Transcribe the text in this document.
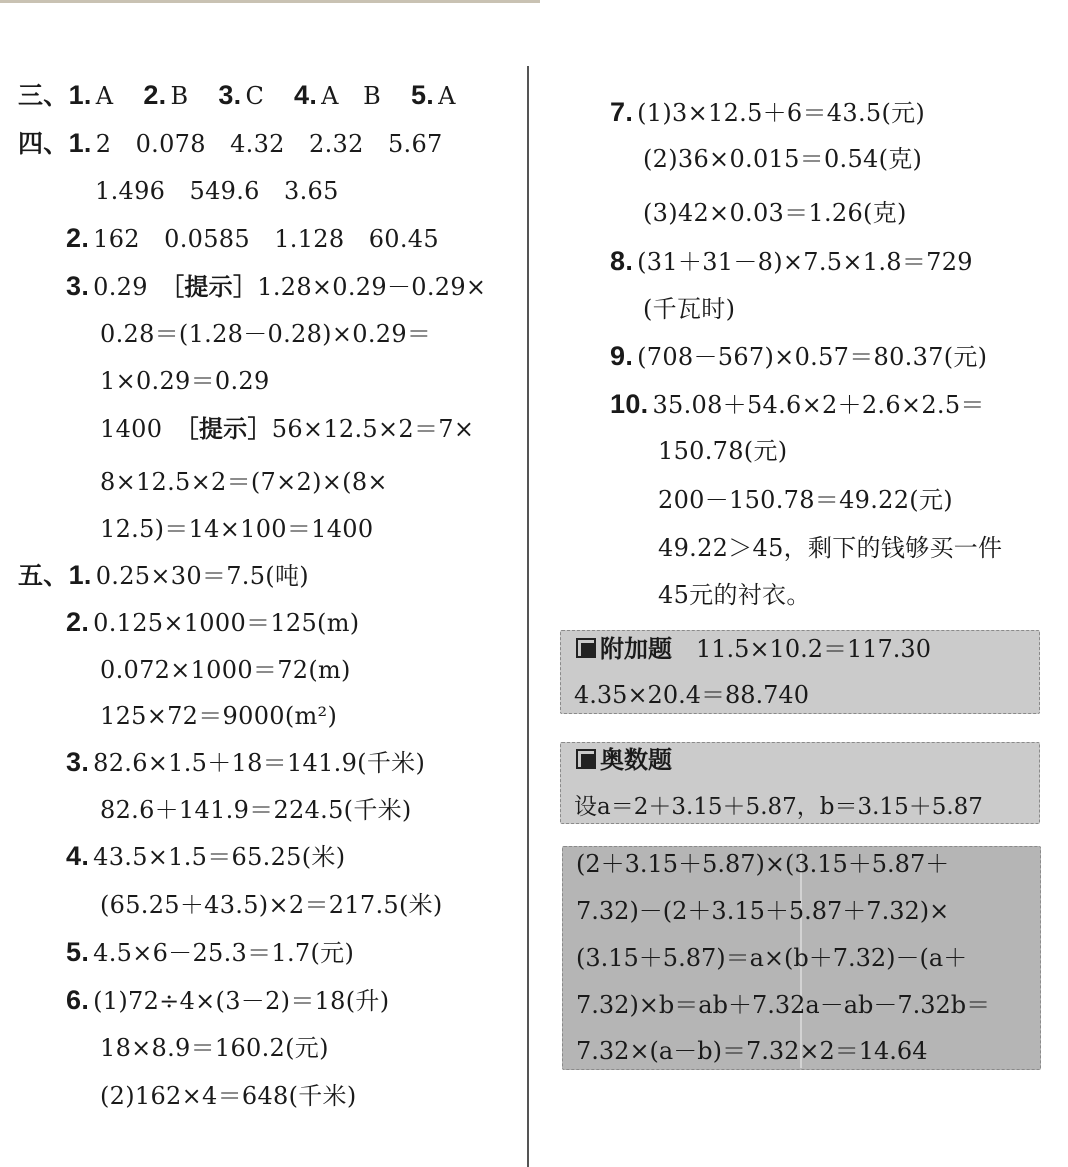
三、1. A 2. B 3. C 4. A　B 5. A
四、1. 2　0.078　4.32　2.32　5.67
1.496　549.6　3.65
2. 162　0.0585　1.128　60.45
3. 0.29　［提示］1.28×0.29－0.29×
0.28＝(1.28－0.28)×0.29＝
1×0.29＝0.29
1400　［提示］56×12.5×2＝7×
8×12.5×2＝(7×2)×(8×
12.5)＝14×100＝1400
五、1. 0.25×30＝7.5(吨)
2. 0.125×1000＝125(m)
0.072×1000＝72(m)
125×72＝9000(m²)
3. 82.6×1.5＋18＝141.9(千米)
82.6＋141.9＝224.5(千米)
4. 43.5×1.5＝65.25(米)
(65.25＋43.5)×2＝217.5(米)
5. 4.5×6－25.3＝1.7(元)
6. (1)72÷4×(3－2)＝18(升)
18×8.9＝160.2(元)
(2)162×4＝648(千米)
7. (1)3×12.5＋6＝43.5(元)
(2)36×0.015＝0.54(克)
(3)42×0.03＝1.26(克)
8. (31＋31－8)×7.5×1.8＝729
(千瓦时)
9. (708－567)×0.57＝80.37(元)
10. 35.08＋54.6×2＋2.6×2.5＝
150.78(元)
200－150.78＝49.22(元)
49.22＞45，剩下的钱够买一件
45元的衬衣。
附加题 11.5×10.2＝117.30
4.35×20.4＝88.740
奥数题
设a＝2＋3.15＋5.87，b＝3.15＋5.87
(2＋3.15＋5.87)×(3.15＋5.87＋
7.32)－(2＋3.15＋5.87＋7.32)×
(3.15＋5.87)＝a×(b＋7.32)－(a＋
7.32)×b＝ab＋7.32a－ab－7.32b＝
7.32×(a－b)＝7.32×2＝14.64
